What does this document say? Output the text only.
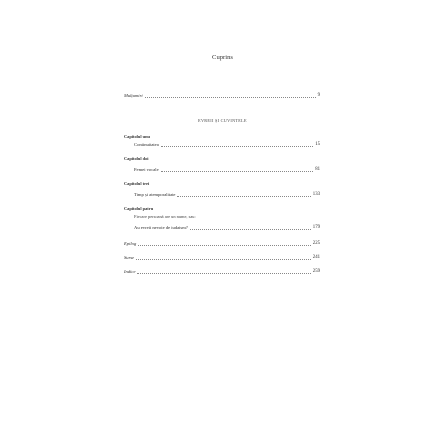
Cuprins
Mulțumiri	9
EVREII ȘI CUVINTELE
Capitolul unu
Continuitatea	15
Capitolul doi
Femei vocale	81
Capitolul trei
Timp și atemporalitate	133
Capitolul patru
Fiecare persoană are un nume, sau:
Au evreii nevoie de iudaism?	179
Epilog	225
Surse	241
Indice	259
